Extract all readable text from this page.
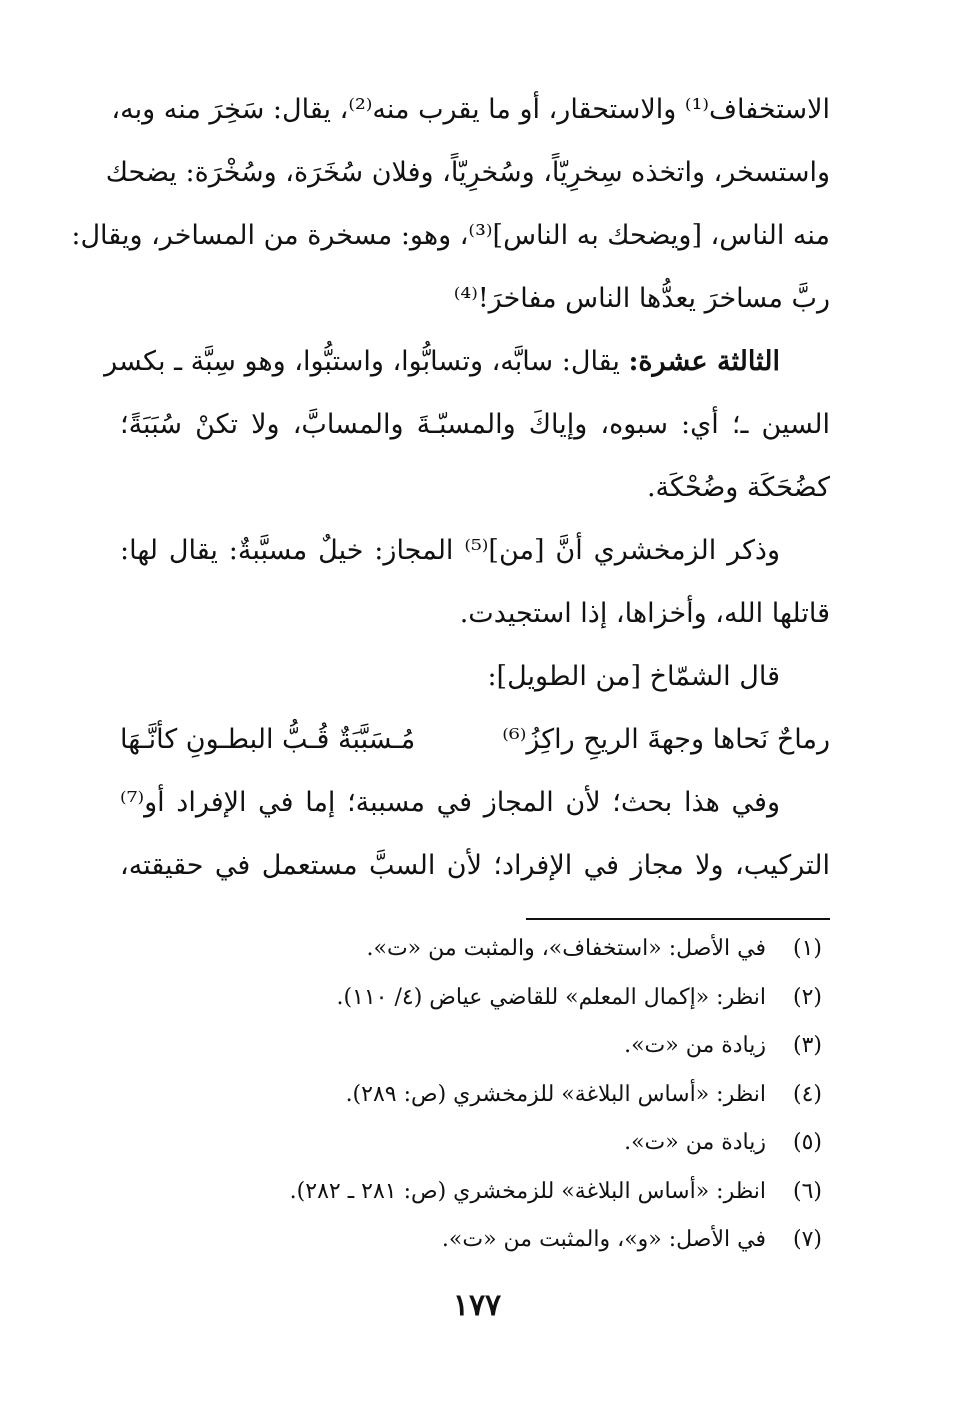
الاستخفاف⁽¹⁾ والاستحقار، أو ما يقرب منه⁽²⁾، يقال: سَخِرَ منه وبه،
واستسخر، واتخذه سِخرِيّاً، وسُخرِيّاً، وفلان سُخَرَة، وسُخْرَة: يضحك
منه الناس، [ويضحك به الناس]⁽³⁾، وهو: مسخرة من المساخر، ويقال:
ربَّ مساخرَ يعدُّها الناس مفاخرَ!⁽⁴⁾
الثالثة عشرة: يقال: سابَّه، وتسابُّوا، واستبُّوا، وهو سِبَّة ـ بكسر
السين ـ؛ أي: سبوه، وإياكَ والمسبّـةَ والمسابَّ، ولا تكنْ سُبَبَةً؛
كضُحَكَة وضُحْكَة.
وذكر الزمخشري أنَّ [من]⁽⁵⁾ المجاز: خيلٌ مسبَّبةٌ: يقال لها:
قاتلها الله، وأخزاها، إذا استجيدت.
قال الشمّاخ [من الطويل]:
رماحٌ نَحاها وجهةَ الريحِ راكِزُ⁽⁶⁾
مُـسَبَّبَةٌ قُـبُّ البطـونِ كأنَّـهَا
وفي هذا بحث؛ لأن المجاز في مسببة؛ إما في الإفراد أو⁽⁷⁾
التركيب، ولا مجاز في الإفراد؛ لأن السبَّ مستعمل في حقيقته،
(١)في الأصل: «استخفاف»، والمثبت من «ت».
(٢)انظر: «إكمال المعلم» للقاضي عياض (٤/ ١١٠).
(٣)زيادة من «ت».
(٤)انظر: «أساس البلاغة» للزمخشري (ص: ٢٨٩).
(٥)زيادة من «ت».
(٦)انظر: «أساس البلاغة» للزمخشري (ص: ٢٨١ ـ ٢٨٢).
(٧)في الأصل: «و»، والمثبت من «ت».
١٧٧
